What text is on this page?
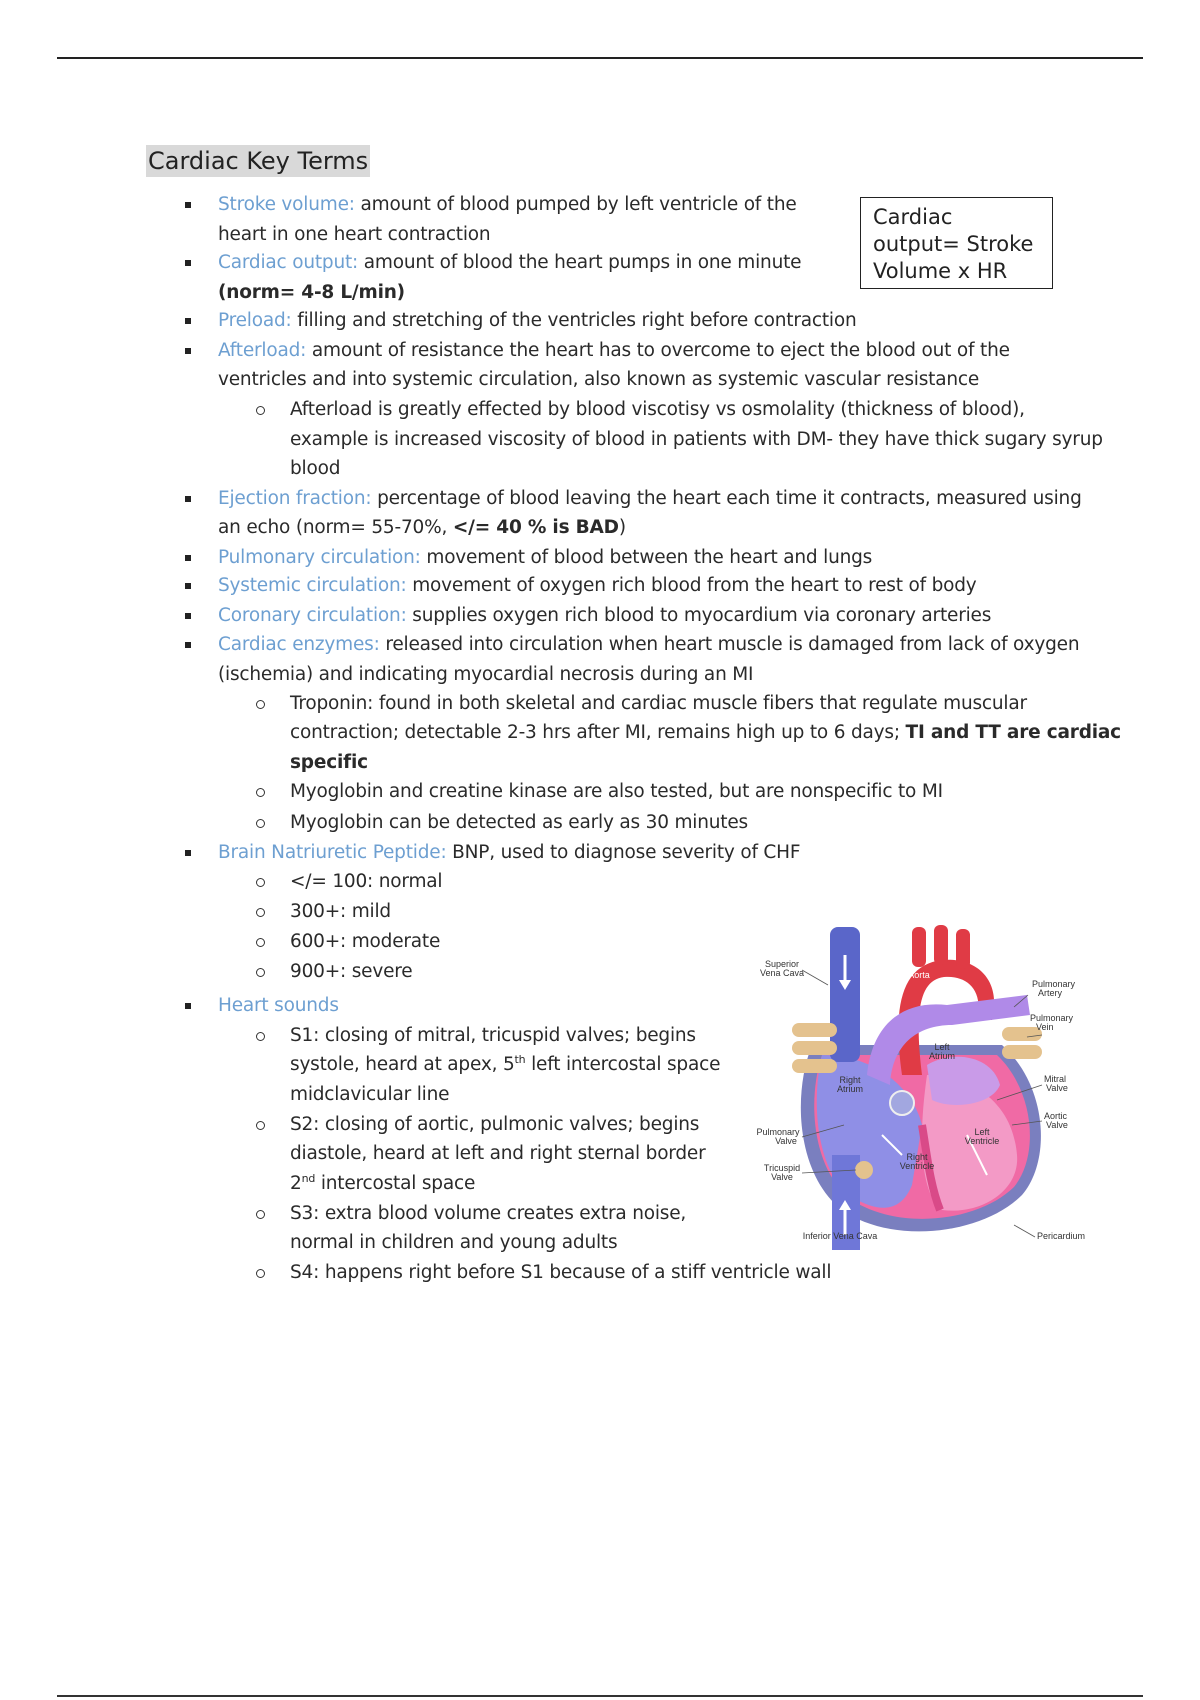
Cardiac Key Terms
Cardiac
output= Stroke
Volume x HR
Stroke volume: amount of blood pumped by left ventricle of the
heart in one heart contraction
Cardiac output: amount of blood the heart pumps in one minute
(norm= 4-8 L/min)
Preload: filling and stretching of the ventricles right before contraction
Afterload: amount of resistance the heart has to overcome to eject the blood out of the
ventricles and into systemic circulation, also known as systemic vascular resistance
Afterload is greatly effected by blood viscotisy vs osmolality (thickness of blood),
example is increased viscosity of blood in patients with DM- they have thick sugary syrup
blood
Ejection fraction: percentage of blood leaving the heart each time it contracts, measured using
an echo (norm= 55-70%, </= 40 % is BAD)
Pulmonary circulation: movement of blood between the heart and lungs
Systemic circulation: movement of oxygen rich blood from the heart to rest of body
Coronary circulation: supplies oxygen rich blood to myocardium via coronary arteries
Cardiac enzymes: released into circulation when heart muscle is damaged from lack of oxygen
(ischemia) and indicating myocardial necrosis during an MI
Troponin: found in both skeletal and cardiac muscle fibers that regulate muscular
contraction; detectable 2-3 hrs after MI, remains high up to 6 days; TI and TT are cardiac
specific
Myoglobin and creatine kinase are also tested, but are nonspecific to MI
Myoglobin can be detected as early as 30 minutes
Brain Natriuretic Peptide: BNP, used to diagnose severity of CHF
</= 100: normal
300+: mild
600+: moderate
900+: severe
Heart sounds
S1: closing of mitral, tricuspid valves; begins
systole, heard at apex, 5th left intercostal space
midclavicular line
S2: closing of aortic, pulmonic valves; begins
diastole, heard at left and right sternal border
2nd intercostal space
S3: extra blood volume creates extra noise,
normal in children and young adults
S4: happens right before S1 because of a stiff ventricle wall
Superior Vena Cava	Aorta
Pulmonary Artery
Pulmonary Vein
Left Atrium
Right Atrium
Mitral Valve
Aortic Valve
Pulmonary Valve
Left Ventricle
Right Ventricle
Tricuspid Valve
Inferior Vena Cava	Pericardium
